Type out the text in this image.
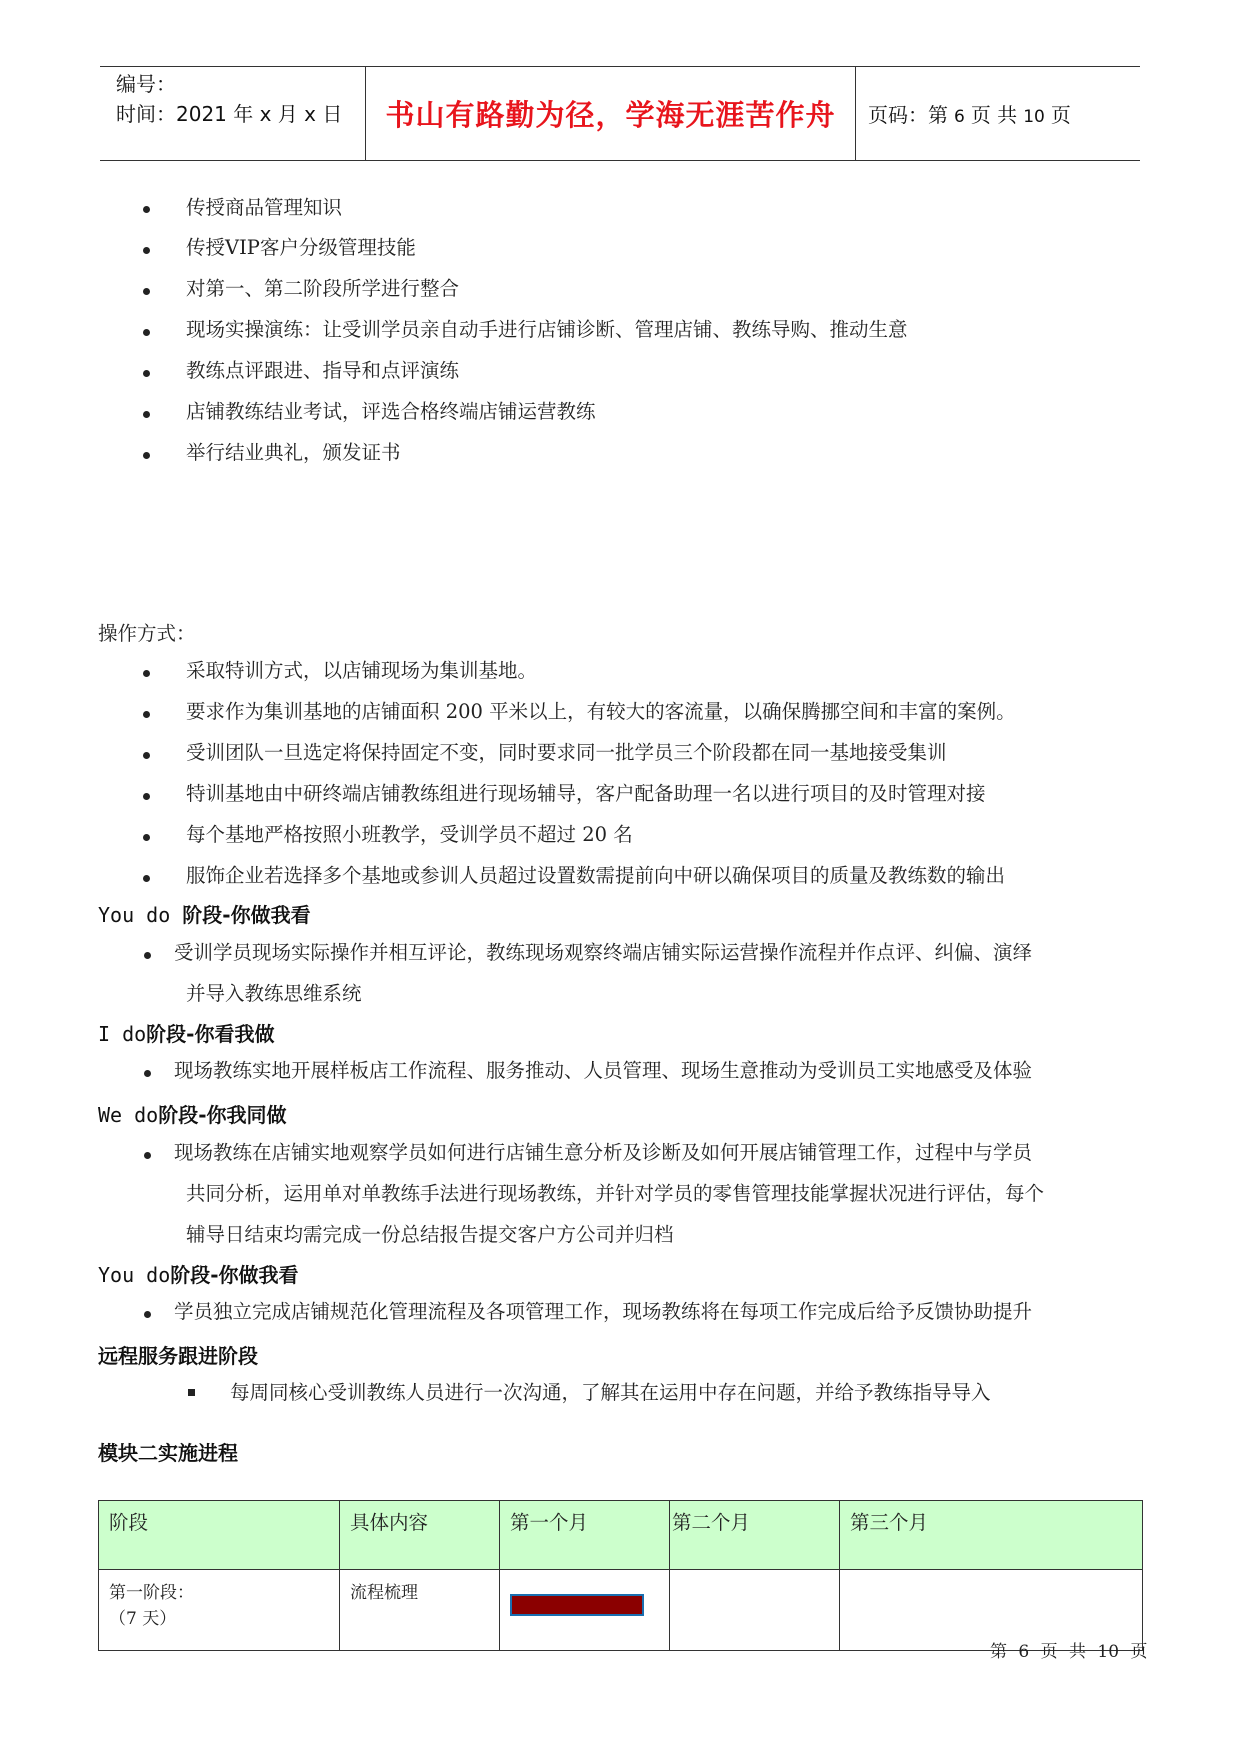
编号：
时间：2021 年 x 月 x 日	书山有路勤为径，学海无涯苦作舟 页码：第 6 页 共 10 页
传授商品管理知识
传授VIP客户分级管理技能
对第一、第二阶段所学进行整合
现场实操演练：让受训学员亲自动手进行店铺诊断、管理店铺、教练导购、推动生意
教练点评跟进、指导和点评演练
店铺教练结业考试，评选合格终端店铺运营教练
举行结业典礼，颁发证书
操作方式：
采取特训方式，以店铺现场为集训基地。
要求作为集训基地的店铺面积 200 平米以上，有较大的客流量，以确保腾挪空间和丰富的案例。
受训团队一旦选定将保持固定不变，同时要求同一批学员三个阶段都在同一基地接受集训
特训基地由中研终端店铺教练组进行现场辅导，客户配备助理一名以进行项目的及时管理对接
每个基地严格按照小班教学，受训学员不超过 20 名
服饰企业若选择多个基地或参训人员超过设置数需提前向中研以确保项目的质量及教练数的输出
You do 阶段-你做我看
受训学员现场实际操作并相互评论，教练现场观察终端店铺实际运营操作流程并作点评、纠偏、演绎
并导入教练思维系统
I do阶段-你看我做
现场教练实地开展样板店工作流程、服务推动、人员管理、现场生意推动为受训员工实地感受及体验
We do阶段-你我同做
现场教练在店铺实地观察学员如何进行店铺生意分析及诊断及如何开展店铺管理工作，过程中与学员
共同分析，运用单对单教练手法进行现场教练，并针对学员的零售管理技能掌握状况进行评估，每个
辅导日结束均需完成一份总结报告提交客户方公司并归档
You do阶段-你做我看
学员独立完成店铺规范化管理流程及各项管理工作，现场教练将在每项工作完成后给予反馈协助提升
远程服务跟进阶段
每周同核心受训教练人员进行一次沟通，了解其在运用中存在问题，并给予教练指导导入
模块二实施进程
阶段	具体内容	第一个月	第二个月	第三个月

第一阶段：
（7 天）	流程梳理	

第 6 页 共 10 页
